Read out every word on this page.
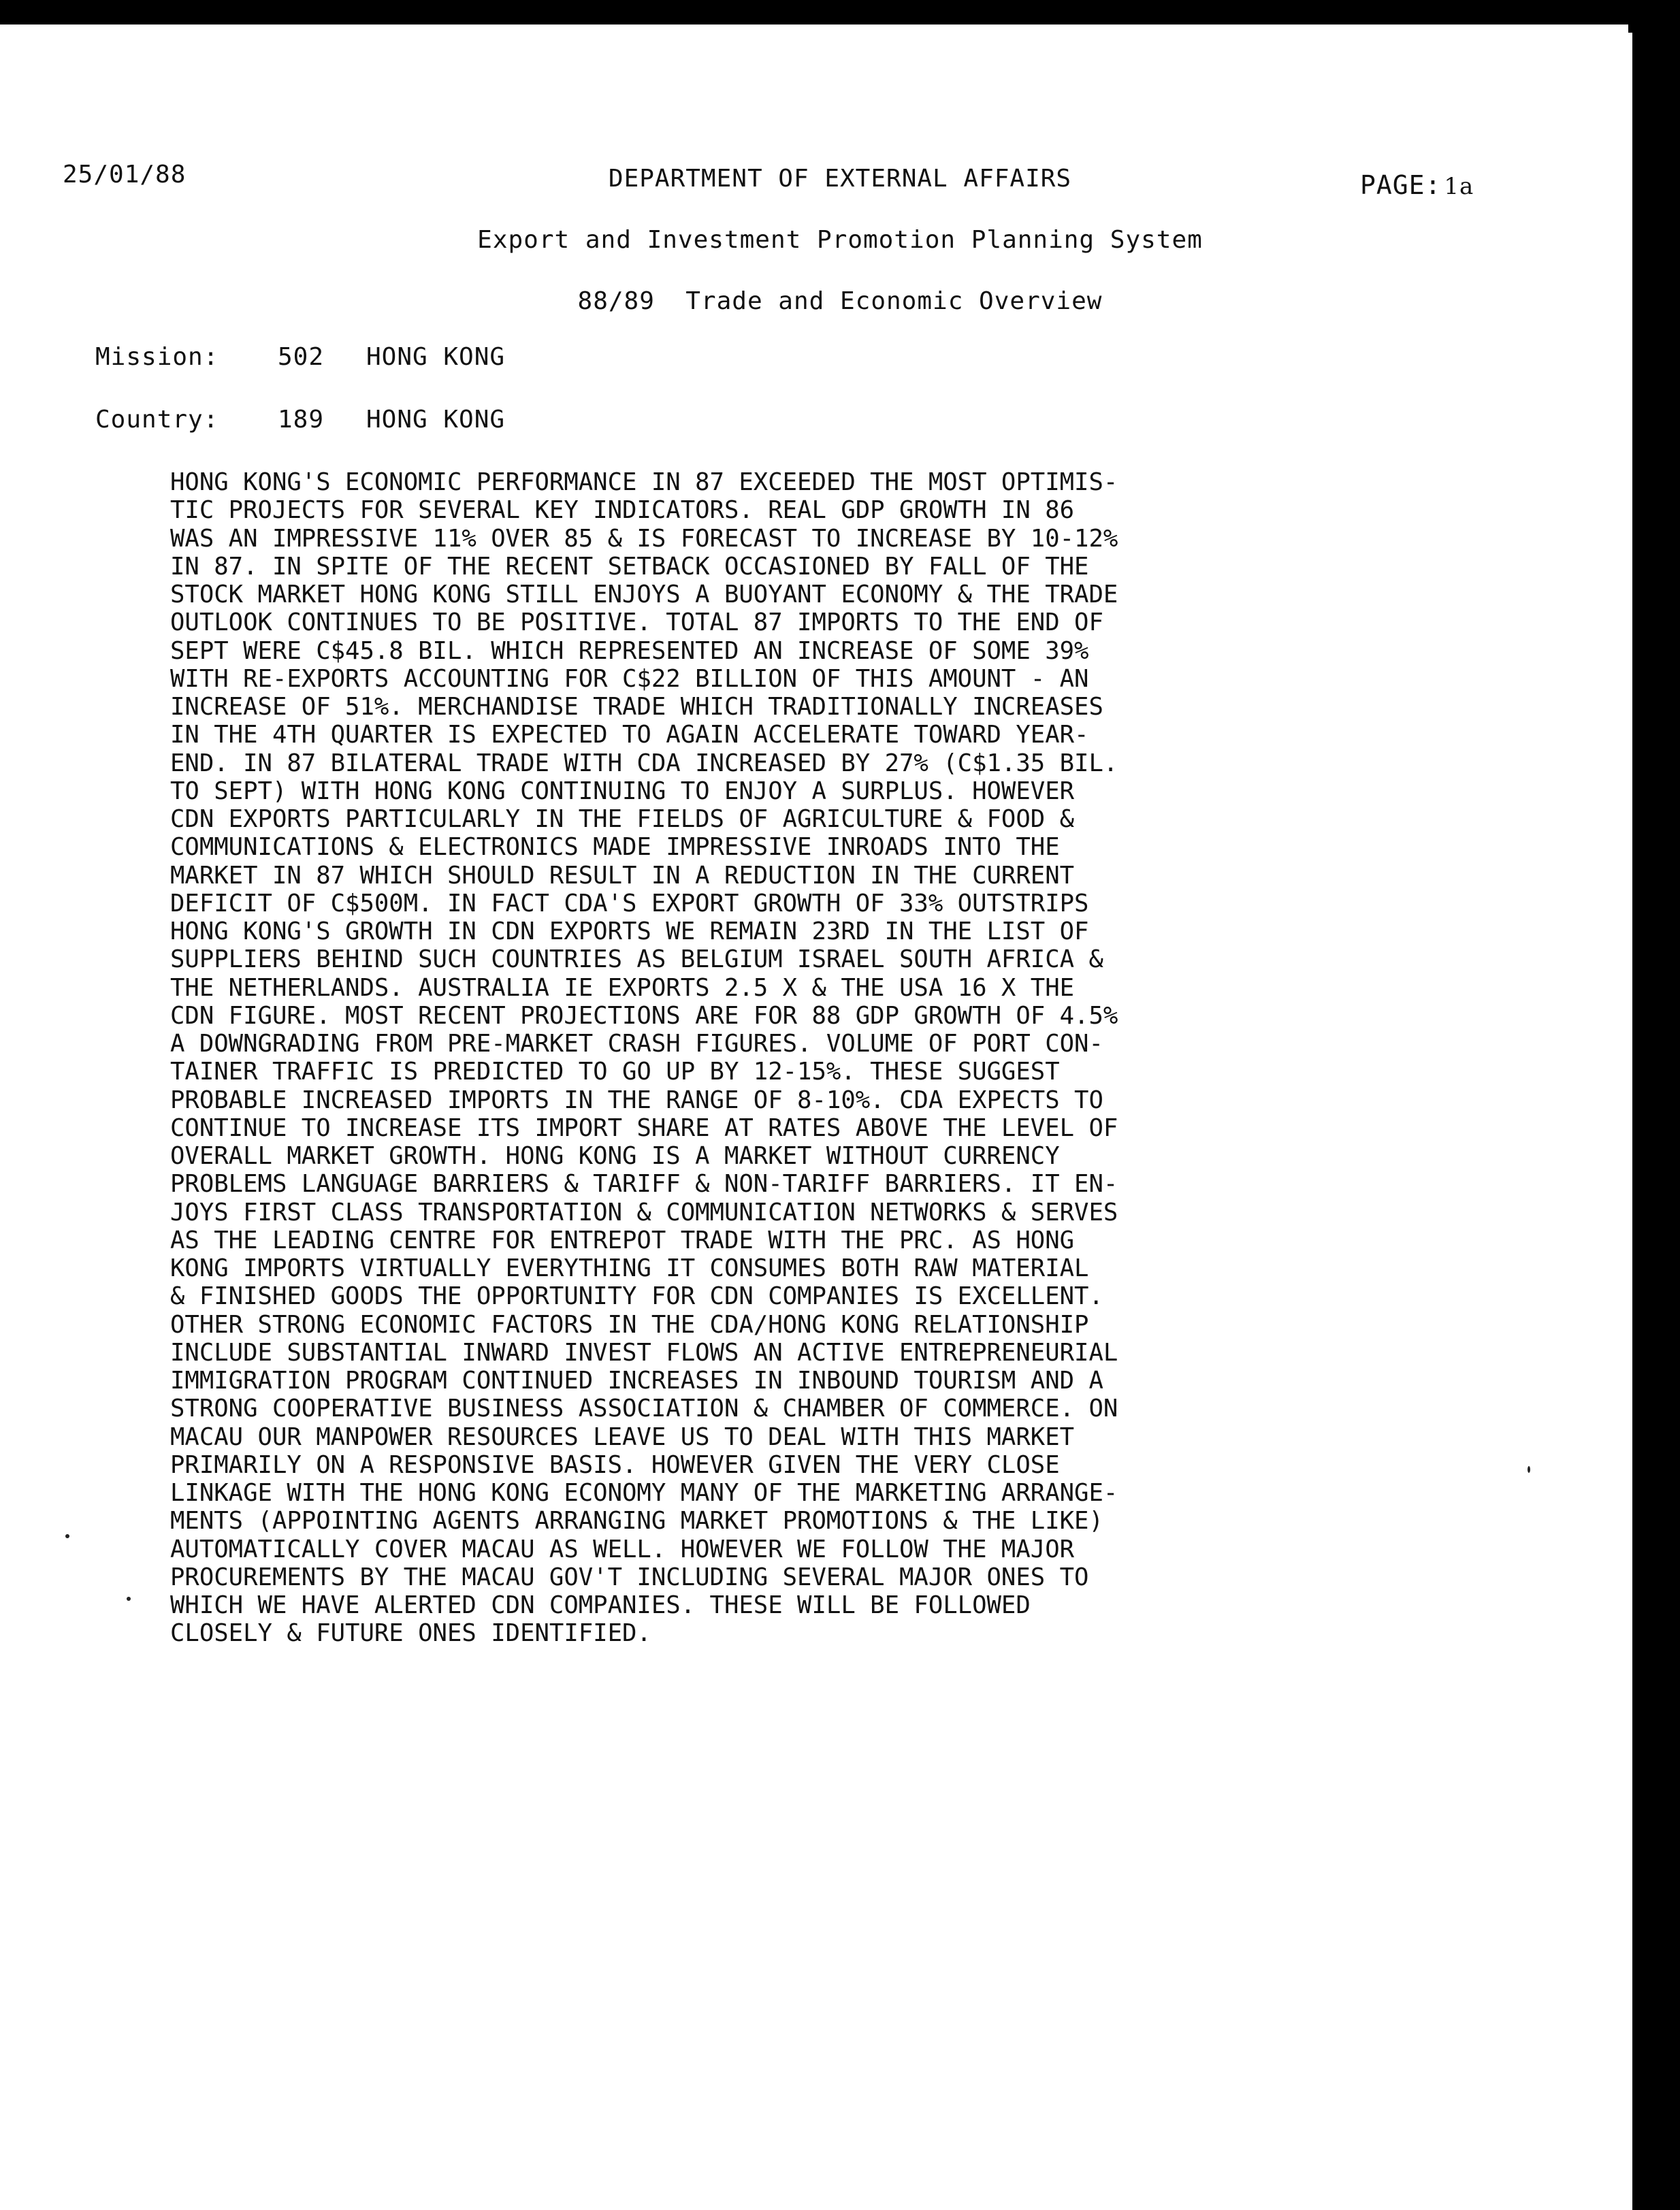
25/01/88	DEPARTMENT OF EXTERNAL AFFAIRS	PAGE: 1a
Export and Investment Promotion Planning System
88/89  Trade and Economic Overview
Mission: 502 HONG KONG
Country: 189 HONG KONG
HONG KONG'S ECONOMIC PERFORMANCE IN 87 EXCEEDED THE MOST OPTIMIS-
TIC PROJECTS FOR SEVERAL KEY INDICATORS. REAL GDP GROWTH IN 86
WAS AN IMPRESSIVE 11% OVER 85 & IS FORECAST TO INCREASE BY 10-12%
IN 87. IN SPITE OF THE RECENT SETBACK OCCASIONED BY FALL OF THE
STOCK MARKET HONG KONG STILL ENJOYS A BUOYANT ECONOMY & THE TRADE
OUTLOOK CONTINUES TO BE POSITIVE. TOTAL 87 IMPORTS TO THE END OF
SEPT WERE C$45.8 BIL. WHICH REPRESENTED AN INCREASE OF SOME 39%
WITH RE-EXPORTS ACCOUNTING FOR C$22 BILLION OF THIS AMOUNT - AN
INCREASE OF 51%. MERCHANDISE TRADE WHICH TRADITIONALLY INCREASES
IN THE 4TH QUARTER IS EXPECTED TO AGAIN ACCELERATE TOWARD YEAR-
END. IN 87 BILATERAL TRADE WITH CDA INCREASED BY 27% (C$1.35 BIL.
TO SEPT) WITH HONG KONG CONTINUING TO ENJOY A SURPLUS. HOWEVER
CDN EXPORTS PARTICULARLY IN THE FIELDS OF AGRICULTURE & FOOD &
COMMUNICATIONS & ELECTRONICS MADE IMPRESSIVE INROADS INTO THE
MARKET IN 87 WHICH SHOULD RESULT IN A REDUCTION IN THE CURRENT
DEFICIT OF C$500M. IN FACT CDA'S EXPORT GROWTH OF 33% OUTSTRIPS
HONG KONG'S GROWTH IN CDN EXPORTS WE REMAIN 23RD IN THE LIST OF
SUPPLIERS BEHIND SUCH COUNTRIES AS BELGIUM ISRAEL SOUTH AFRICA &
THE NETHERLANDS. AUSTRALIA IE EXPORTS 2.5 X & THE USA 16 X THE
CDN FIGURE. MOST RECENT PROJECTIONS ARE FOR 88 GDP GROWTH OF 4.5%
A DOWNGRADING FROM PRE-MARKET CRASH FIGURES. VOLUME OF PORT CON-
TAINER TRAFFIC IS PREDICTED TO GO UP BY 12-15%. THESE SUGGEST
PROBABLE INCREASED IMPORTS IN THE RANGE OF 8-10%. CDA EXPECTS TO
CONTINUE TO INCREASE ITS IMPORT SHARE AT RATES ABOVE THE LEVEL OF
OVERALL MARKET GROWTH. HONG KONG IS A MARKET WITHOUT CURRENCY
PROBLEMS LANGUAGE BARRIERS & TARIFF & NON-TARIFF BARRIERS. IT EN-
JOYS FIRST CLASS TRANSPORTATION & COMMUNICATION NETWORKS & SERVES
AS THE LEADING CENTRE FOR ENTREPOT TRADE WITH THE PRC. AS HONG
KONG IMPORTS VIRTUALLY EVERYTHING IT CONSUMES BOTH RAW MATERIAL
& FINISHED GOODS THE OPPORTUNITY FOR CDN COMPANIES IS EXCELLENT.
OTHER STRONG ECONOMIC FACTORS IN THE CDA/HONG KONG RELATIONSHIP
INCLUDE SUBSTANTIAL INWARD INVEST FLOWS AN ACTIVE ENTREPRENEURIAL
IMMIGRATION PROGRAM CONTINUED INCREASES IN INBOUND TOURISM AND A
STRONG COOPERATIVE BUSINESS ASSOCIATION & CHAMBER OF COMMERCE. ON
MACAU OUR MANPOWER RESOURCES LEAVE US TO DEAL WITH THIS MARKET
PRIMARILY ON A RESPONSIVE BASIS. HOWEVER GIVEN THE VERY CLOSE
LINKAGE WITH THE HONG KONG ECONOMY MANY OF THE MARKETING ARRANGE-
MENTS (APPOINTING AGENTS ARRANGING MARKET PROMOTIONS & THE LIKE)
AUTOMATICALLY COVER MACAU AS WELL. HOWEVER WE FOLLOW THE MAJOR
PROCUREMENTS BY THE MACAU GOV'T INCLUDING SEVERAL MAJOR ONES TO
WHICH WE HAVE ALERTED CDN COMPANIES. THESE WILL BE FOLLOWED
CLOSELY & FUTURE ONES IDENTIFIED.
